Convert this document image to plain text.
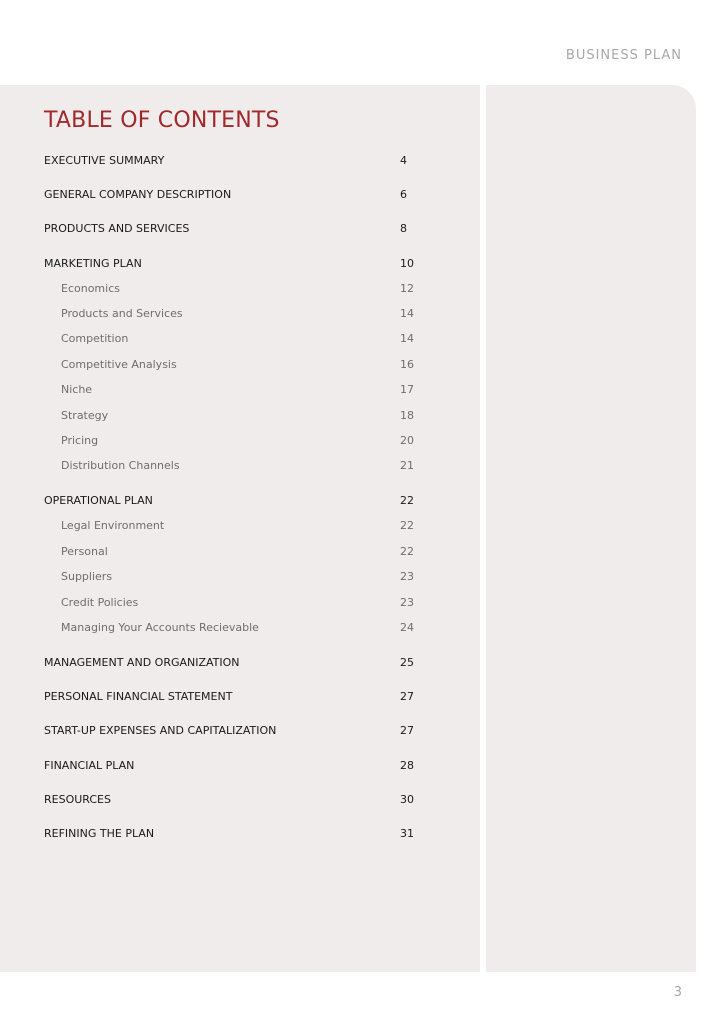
BUSINESS PLAN
TABLE OF CONTENTS
EXECUTIVE SUMMARY	4
GENERAL COMPANY DESCRIPTION	6
PRODUCTS AND SERVICES	8
MARKETING PLAN	10
Economics	12
Products and Services	14
Competition	14
Competitive Analysis	16
Niche	17
Strategy	18
Pricing	20
Distribution Channels	21
OPERATIONAL PLAN	22
Legal Environment	22
Personal	22
Suppliers	23
Credit Policies	23
Managing Your Accounts Recievable	24
MANAGEMENT AND ORGANIZATION	25
PERSONAL FINANCIAL STATEMENT	27
START-UP EXPENSES AND CAPITALIZATION	27
FINANCIAL PLAN	28
RESOURCES	30
REFINING THE PLAN	31
3
